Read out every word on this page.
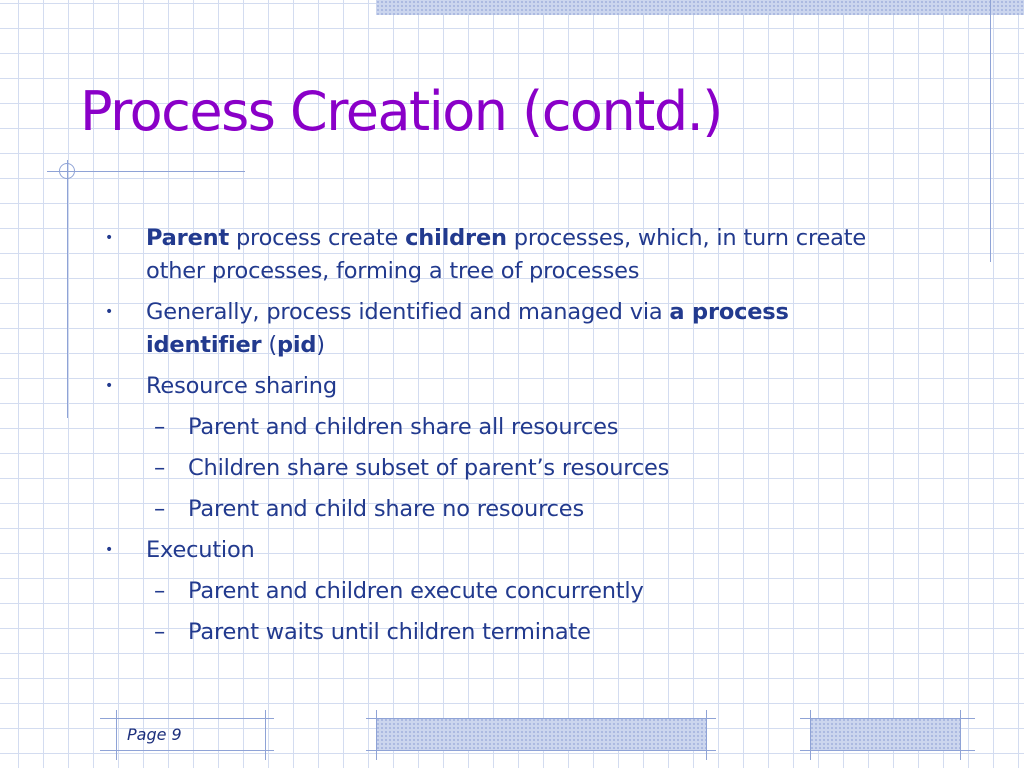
Process Creation (contd.)
•	Parent process create children processes, which, in turn create other processes, forming a tree of processes
•	Generally, process identified and managed via a process identifier (pid)
•	Resource sharing
–	Parent and children share all resources
–	Children share subset of parent’s resources
–	Parent and child share no resources
•	Execution
–	Parent and children execute concurrently
–	Parent waits until children terminate
Page 9
